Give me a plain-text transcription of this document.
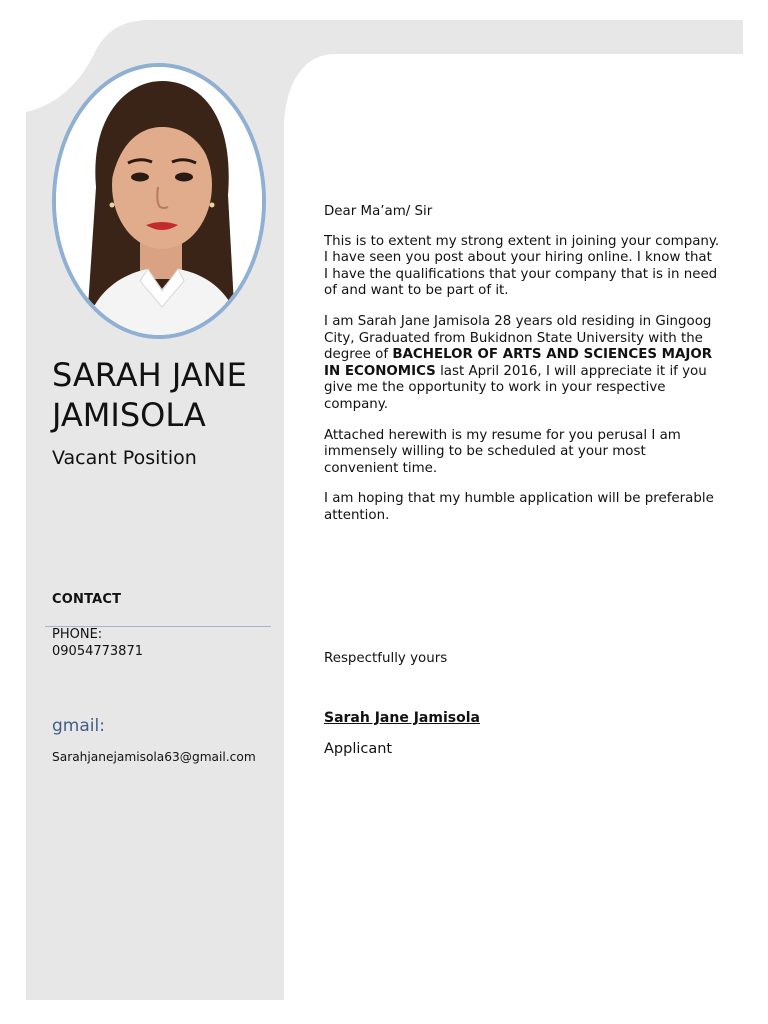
SARAH JANE JAMISOLA
Vacant Position
CONTACT
PHONE:
09054773871
gmail:
Sarahjanejamisola63@gmail.com

Dear Ma’am/ Sir

This is to extent my strong extent in joining your company. I have seen you post about your hiring online. I know that I have the qualifications that your company that is in need of and want to be part of it.

I am Sarah Jane Jamisola 28 years old residing in Gingoog City, Graduated from Bukidnon State University with the degree of BACHELOR OF ARTS AND SCIENCES MAJOR IN ECONOMICS last April 2016, I will appreciate it if you give me the opportunity to work in your respective company.

Attached herewith is my resume for you perusal I am immensely willing to be scheduled at your most convenient time.

I am hoping that my humble application will be preferable attention.

Respectfully yours
Sarah Jane Jamisola
Applicant
